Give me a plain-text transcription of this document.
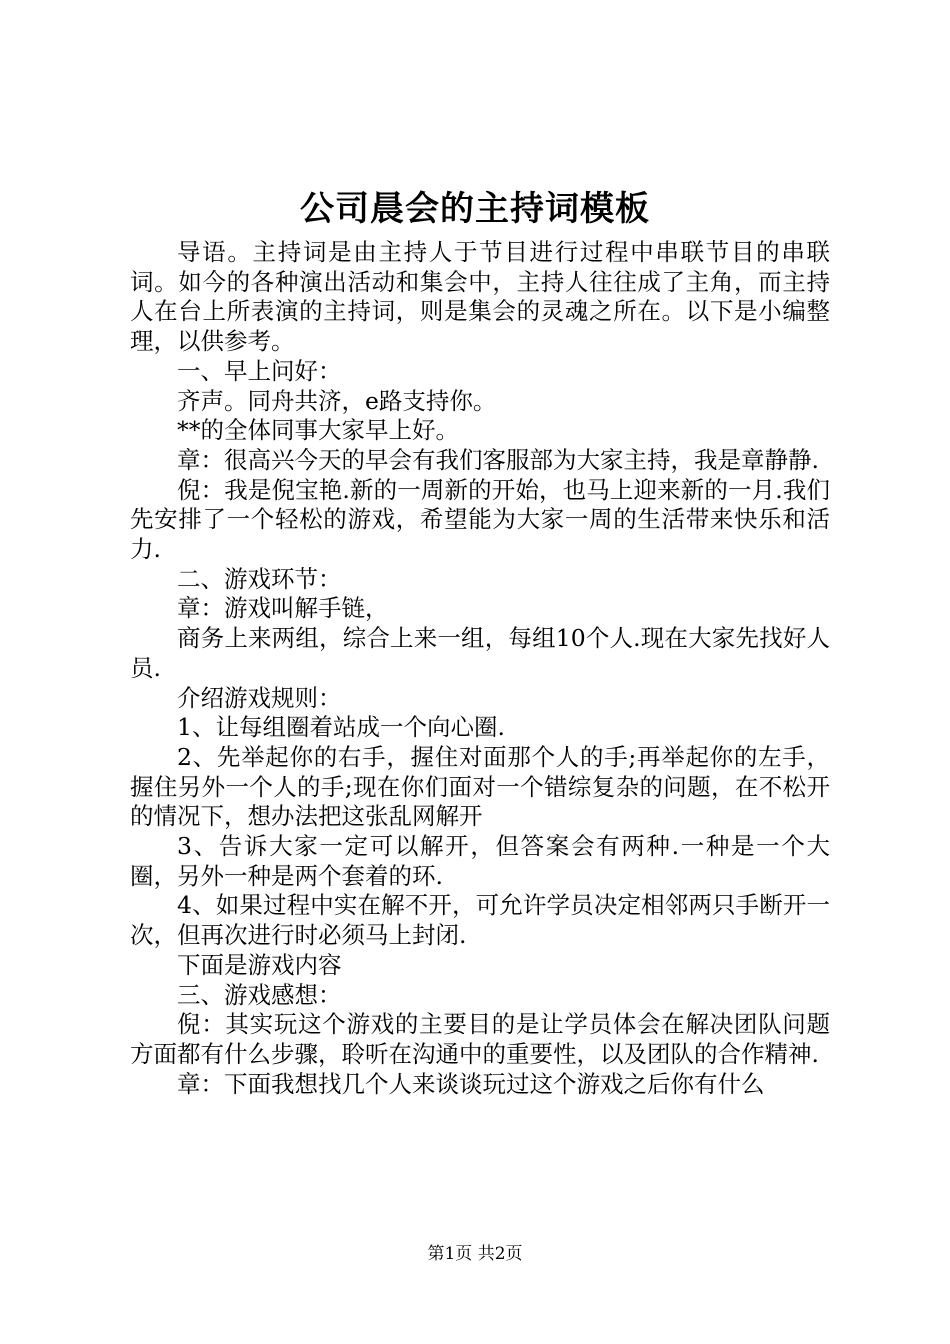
公司晨会的主持词模板

导语。主持词是由主持人于节目进行过程中串联节目的串联词。如今的各种演出活动和集会中，主持人往往成了主角，而主持人在台上所表演的主持词，则是集会的灵魂之所在。以下是小编整理，以供参考。

一、早上问好：

齐声。同舟共济，e路支持你。

**的全体同事大家早上好。

章：很高兴今天的早会有我们客服部为大家主持，我是章静静.

倪：我是倪宝艳.新的一周新的开始，也马上迎来新的一月.我们先安排了一个轻松的游戏，希望能为大家一周的生活带来快乐和活力.

二、游戏环节：

章：游戏叫解手链，

商务上来两组，综合上来一组，每组10个人.现在大家先找好人员.

介绍游戏规则：

1、让每组圈着站成一个向心圈.

2、先举起你的右手，握住对面那个人的手;再举起你的左手，握住另外一个人的手;现在你们面对一个错综复杂的问题，在不松开的情况下，想办法把这张乱网解开

3、告诉大家一定可以解开，但答案会有两种.一种是一个大圈，另外一种是两个套着的环.

4、如果过程中实在解不开，可允许学员决定相邻两只手断开一次，但再次进行时必须马上封闭.

下面是游戏内容

三、游戏感想：

倪：其实玩这个游戏的主要目的是让学员体会在解决团队问题方面都有什么步骤，聆听在沟通中的重要性，以及团队的合作精神.

章：下面我想找几个人来谈谈玩过这个游戏之后你有什么

第1页 共2页
